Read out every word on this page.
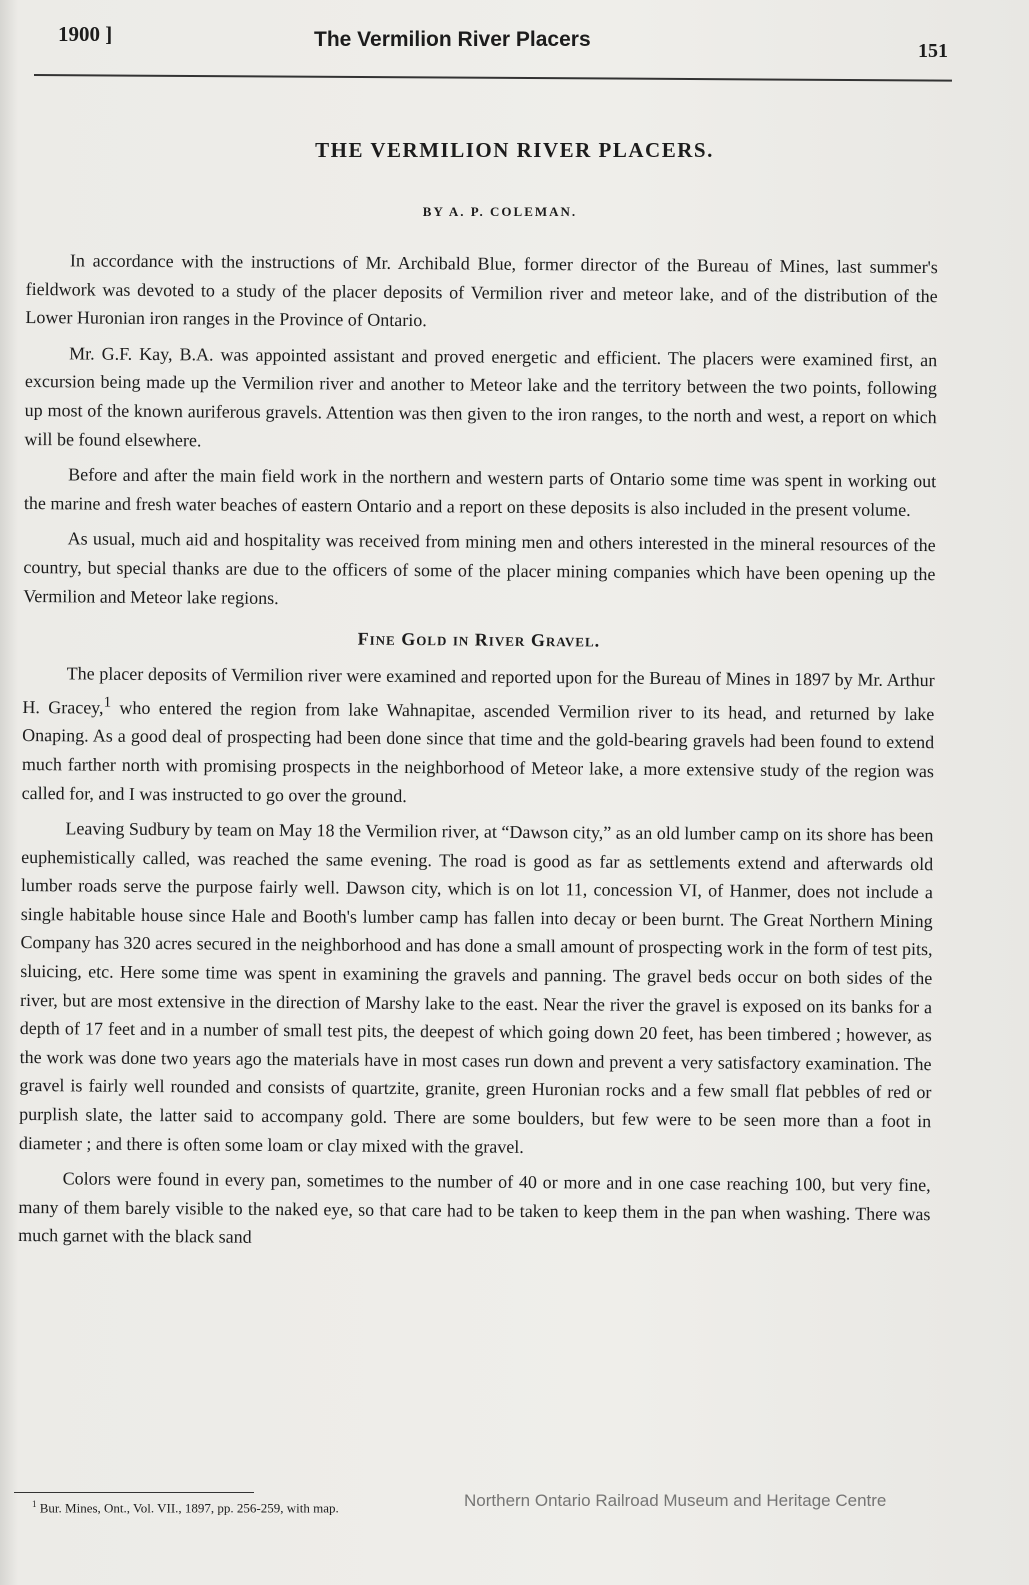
1900 ]	The Vermilion River Placers	151
THE VERMILION RIVER PLACERS.
BY A. P. COLEMAN.

In accordance with the instructions of Mr. Archibald Blue, former director of the Bureau of Mines, last summer's fieldwork was devoted to a study of the placer deposits of Vermilion river and meteor lake, and of the distribution of the Lower Huronian iron ranges in the Province of Ontario.

Mr. G.F. Kay, B.A. was appointed assistant and proved energetic and efficient. The placers were examined first, an excursion being made up the Vermilion river and another to Meteor lake and the territory between the two points, following up most of the known auriferous gravels. Attention was then given to the iron ranges, to the north and west, a report on which will be found elsewhere.

Before and after the main field work in the northern and western parts of Ontario some time was spent in working out the marine and fresh water beaches of eastern Ontario and a report on these deposits is also included in the present volume.

As usual, much aid and hospitality was received from mining men and others interested in the mineral resources of the country, but special thanks are due to the officers of some of the placer mining companies which have been opening up the Vermilion and Meteor lake regions.

Fine Gold in River Gravel.

The placer deposits of Vermilion river were examined and reported upon for the Bureau of Mines in 1897 by Mr. Arthur H. Gracey,$^1$ who entered the region from lake Wahnapitae, ascended Vermilion river to its head, and returned by lake Onaping. As a good deal of prospecting had been done since that time and the gold-bearing gravels had been found to extend much farther north with promising prospects in the neighborhood of Meteor lake, a more extensive study of the region was called for, and I was instructed to go over the ground.

Leaving Sudbury by team on May 18 the Vermilion river, at “Dawson city,” as an old lumber camp on its shore has been euphemistically called, was reached the same evening. The road is good as far as settlements extend and afterwards old lumber roads serve the purpose fairly well. Dawson city, which is on lot 11, concession VI, of Hanmer, does not include a single habitable house since Hale and Booth's lumber camp has fallen into decay or been burnt. The Great Northern Mining Company has 320 acres secured in the neighborhood and has done a small amount of prospecting work in the form of test pits, sluicing, etc. Here some time was spent in examining the gravels and panning. The gravel beds occur on both sides of the river, but are most extensive in the direction of Marshy lake to the east. Near the river the gravel is exposed on its banks for a depth of 17 feet and in a number of small test pits, the deepest of which going down 20 feet, has been timbered ; however, as the work was done two years ago the materials have in most cases run down and prevent a very satisfactory examination. The gravel is fairly well rounded and consists of quartzite, granite, green Huronian rocks and a few small flat pebbles of red or purplish slate, the latter said to accompany gold. There are some boulders, but few were to be seen more than a foot in diameter ; and there is often some loam or clay mixed with the gravel.

Colors were found in every pan, sometimes to the number of 40 or more and in one case reaching 100, but very fine, many of them barely visible to the naked eye, so that care had to be taken to keep them in the pan when washing. There was much garnet with the black sand

$^1$ Bur. Mines, Ont., Vol. VII., 1897, pp. 256-259, with map.	Northern Ontario Railroad Museum and Heritage Centre
